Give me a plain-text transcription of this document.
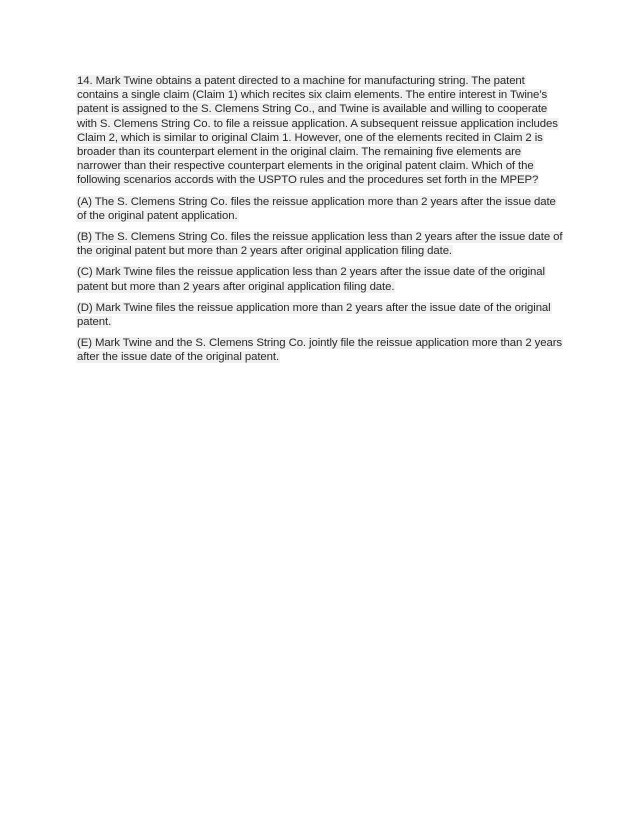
14. Mark Twine obtains a patent directed to a machine for manufacturing string. The patent contains a single claim (Claim 1) which recites six claim elements. The entire interest in Twine’s patent is assigned to the S. Clemens String Co., and Twine is available and willing to cooperate with S. Clemens String Co. to file a reissue application. A subsequent reissue application includes Claim 2, which is similar to original Claim 1. However, one of the elements recited in Claim 2 is broader than its counterpart element in the original claim. The remaining five elements are narrower than their respective counterpart elements in the original patent claim. Which of the following scenarios accords with the USPTO rules and the procedures set forth in the MPEP?

(A) The S. Clemens String Co. files the reissue application more than 2 years after the issue date of the original patent application.

(B) The S. Clemens String Co. files the reissue application less than 2 years after the issue date of the original patent but more than 2 years after original application filing date.

(C) Mark Twine files the reissue application less than 2 years after the issue date of the original patent but more than 2 years after original application filing date.

(D) Mark Twine files the reissue application more than 2 years after the issue date of the original patent.

(E) Mark Twine and the S. Clemens String Co. jointly file the reissue application more than 2 years after the issue date of the original patent.
